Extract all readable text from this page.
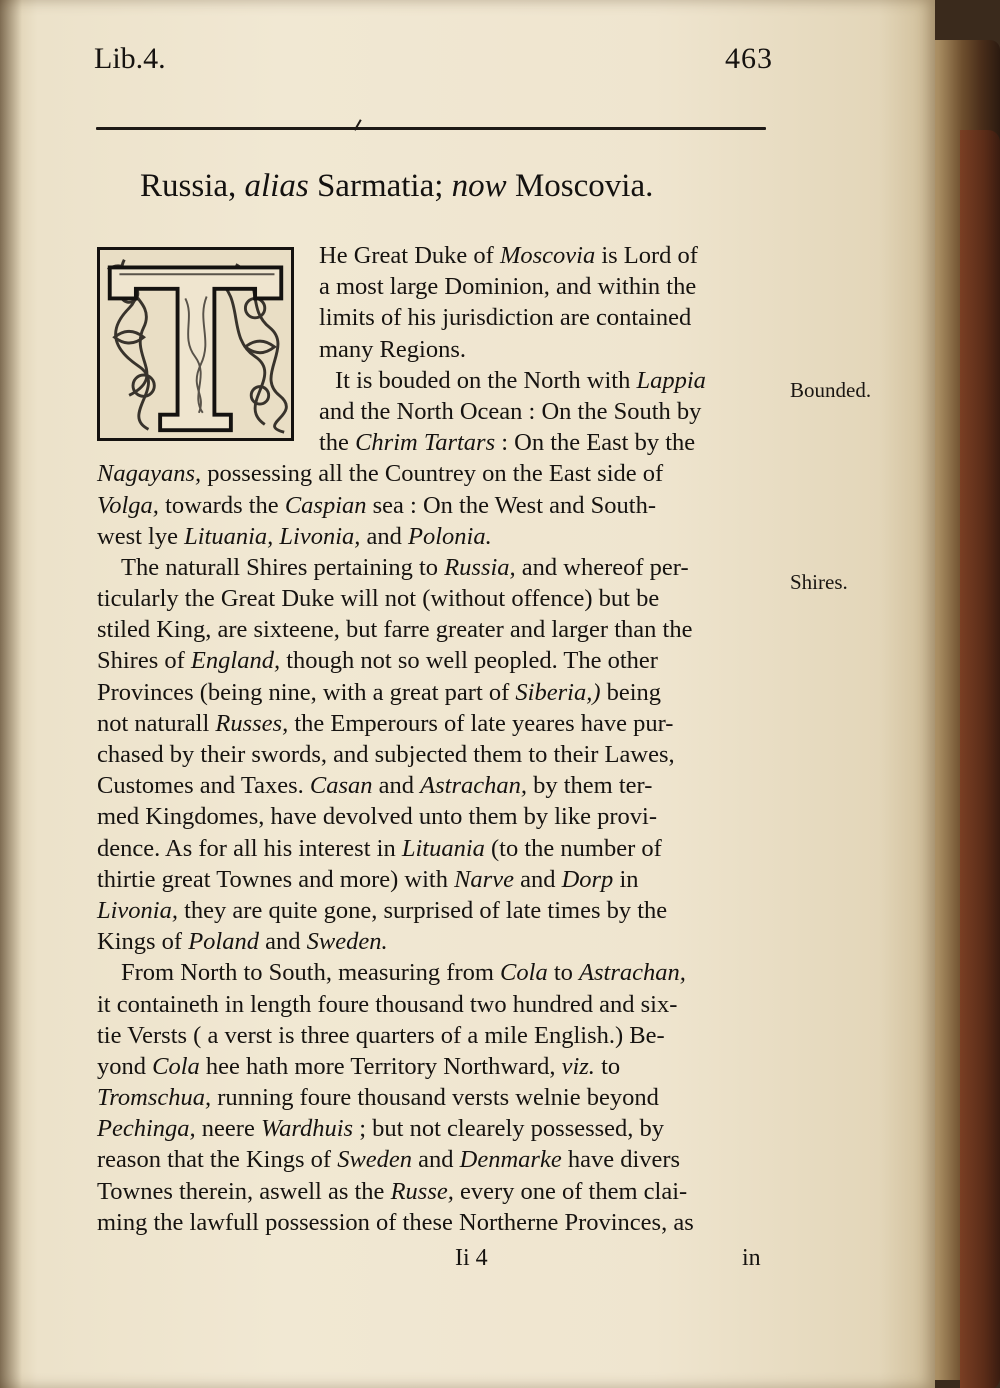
Lib.4.	463
Russia, alias Sarmatia; now Moscovia.
He Great Duke of Moscovia is Lord of
a most large Dominion, and within the
limits of his jurisdiction are contained
many Regions.
It is bouded on the North with Lappia
and the North Ocean : On the South by
the Chrim Tartars : On the East by the
Nagayans, possessing all the Countrey on the East side of
Volga, towards the Caspian sea : On the West and South-
west lye Lituania, Livonia, and Polonia.
The naturall Shires pertaining to Russia, and whereof per-
ticularly the Great Duke will not (without offence) but be
stiled King, are sixteene, but farre greater and larger than the
Shires of England, though not so well peopled. The other
Provinces (being nine, with a great part of Siberia,) being
not naturall Russes, the Emperours of late yeares have pur-
chased by their swords, and subjected them to their Lawes,
Customes and Taxes. Casan and Astrachan, by them ter-
med Kingdomes, have devolved unto them by like provi-
dence. As for all his interest in Lituania (to the number of
thirtie great Townes and more) with Narve and Dorp in
Livonia, they are quite gone, surprised of late times by the
Kings of Poland and Sweden.
From North to South, measuring from Cola to Astrachan,
it containeth in length foure thousand two hundred and six-
tie Versts ( a verst is three quarters of a mile English.) Be-
yond Cola hee hath more Territory Northward, viz. to
Tromschua, running foure thousand versts welnie beyond
Pechinga, neere Wardhuis ; but not clearely possessed, by
reason that the Kings of Sweden and Denmarke have divers
Townes therein, aswell as the Russe, every one of them clai-
ming the lawfull possession of these Northerne Provinces, as
Bounded.
Shires.
Ii 4	in
